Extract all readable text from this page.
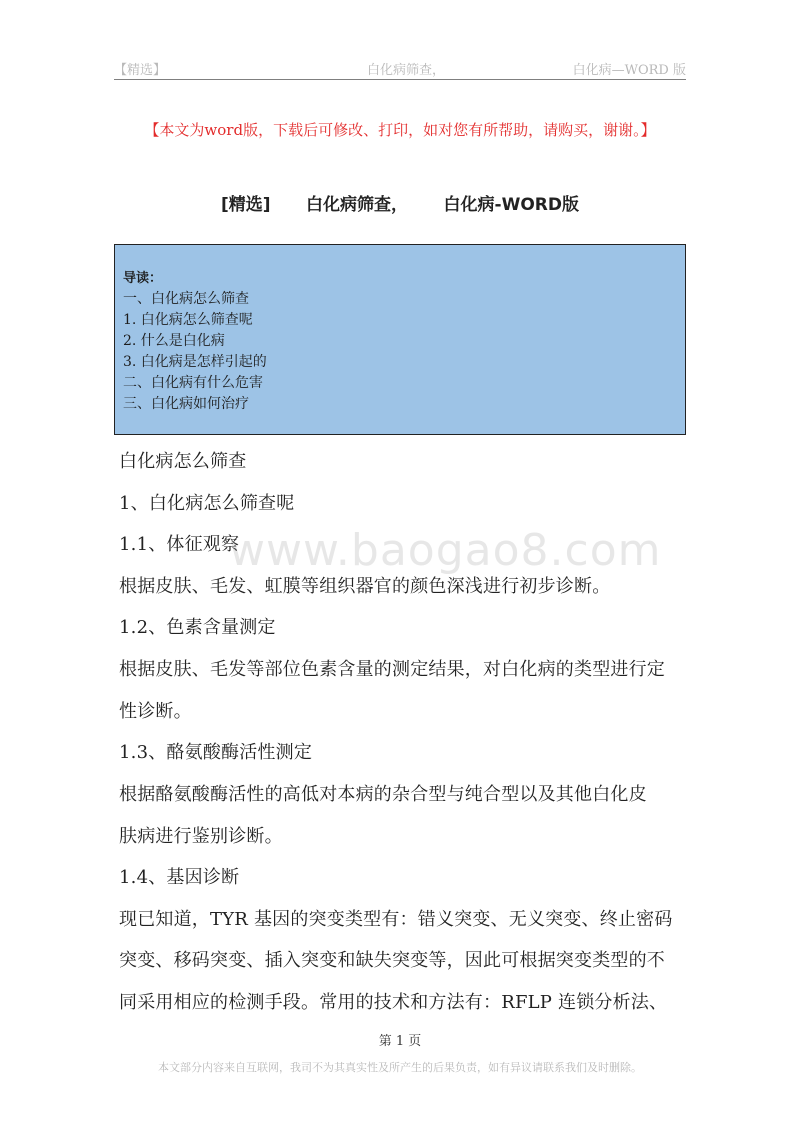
【精选】	白化病筛查，	白化病—WORD 版
【本文为word版，下载后可修改、打印，如对您有所帮助，请购买，谢谢。】
[精选]      白化病筛查，      白化病-WORD版
导读：
一、白化病怎么筛查
1. 白化病怎么筛查呢
2. 什么是白化病
3. 白化病是怎样引起的
二、白化病有什么危害
三、白化病如何治疗
白化病怎么筛查
1、白化病怎么筛查呢
1.1、体征观察
根据皮肤、毛发、虹膜等组织器官的颜色深浅进行初步诊断。
1.2、色素含量测定
根据皮肤、毛发等部位色素含量的测定结果，对白化病的类型进行定
性诊断。
1.3、酪氨酸酶活性测定
根据酪氨酸酶活性的高低对本病的杂合型与纯合型以及其他白化皮
肤病进行鉴别诊断。
1.4、基因诊断
现已知道，TYR 基因的突变类型有：错义突变、无义突变、终止密码
突变、移码突变、插入突变和缺失突变等，因此可根据突变类型的不
同采用相应的检测手段。常用的技术和方法有：RFLP 连锁分析法、
www.baogao8.com
第 1 页
本文部分内容来自互联网，我司不为其真实性及所产生的后果负责，如有异议请联系我们及时删除。
